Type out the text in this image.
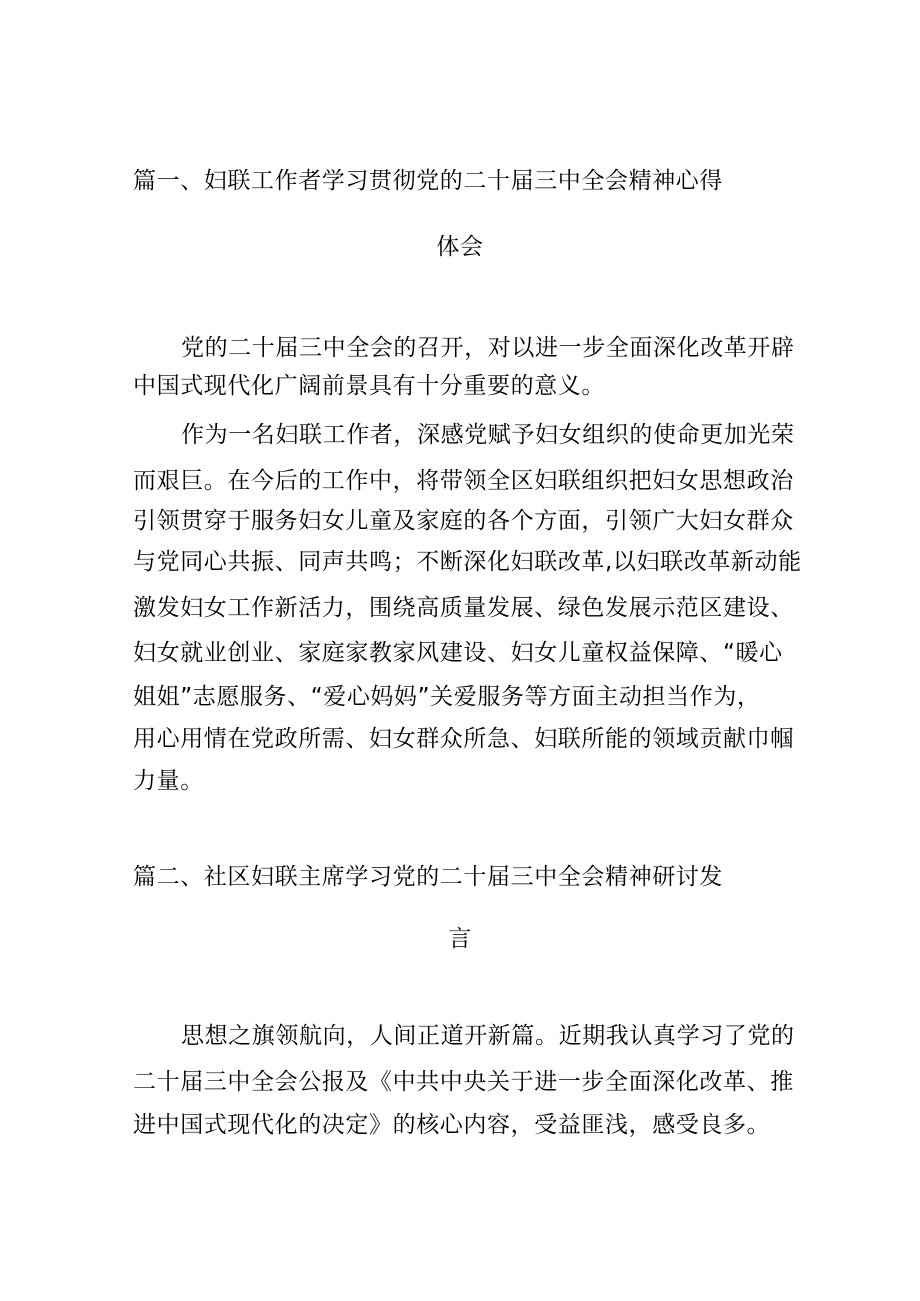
篇一、妇联工作者学习贯彻党的二十届三中全会精神心得
体会
党的二十届三中全会的召开，对以进一步全面深化改革开辟
中国式现代化广阔前景具有十分重要的意义。
作为一名妇联工作者，深感党赋予妇女组织的使命更加光荣
而艰巨。在今后的工作中，将带领全区妇联组织把妇女思想政治
引领贯穿于服务妇女儿童及家庭的各个方面，引领广大妇女群众
与党同心共振、同声共鸣；不断深化妇联改革,以妇联改革新动能
激发妇女工作新活力，围绕高质量发展、绿色发展示范区建设、
妇女就业创业、家庭家教家风建设、妇女儿童权益保障、“暖心
姐姐”志愿服务、“爱心妈妈”关爱服务等方面主动担当作为，
用心用情在党政所需、妇女群众所急、妇联所能的领域贡献巾帼
力量。
篇二、社区妇联主席学习党的二十届三中全会精神研讨发
言
思想之旗领航向，人间正道开新篇。近期我认真学习了党的
二十届三中全会公报及《中共中央关于进一步全面深化改革、推
进中国式现代化的决定》的核心内容，受益匪浅，感受良多。
